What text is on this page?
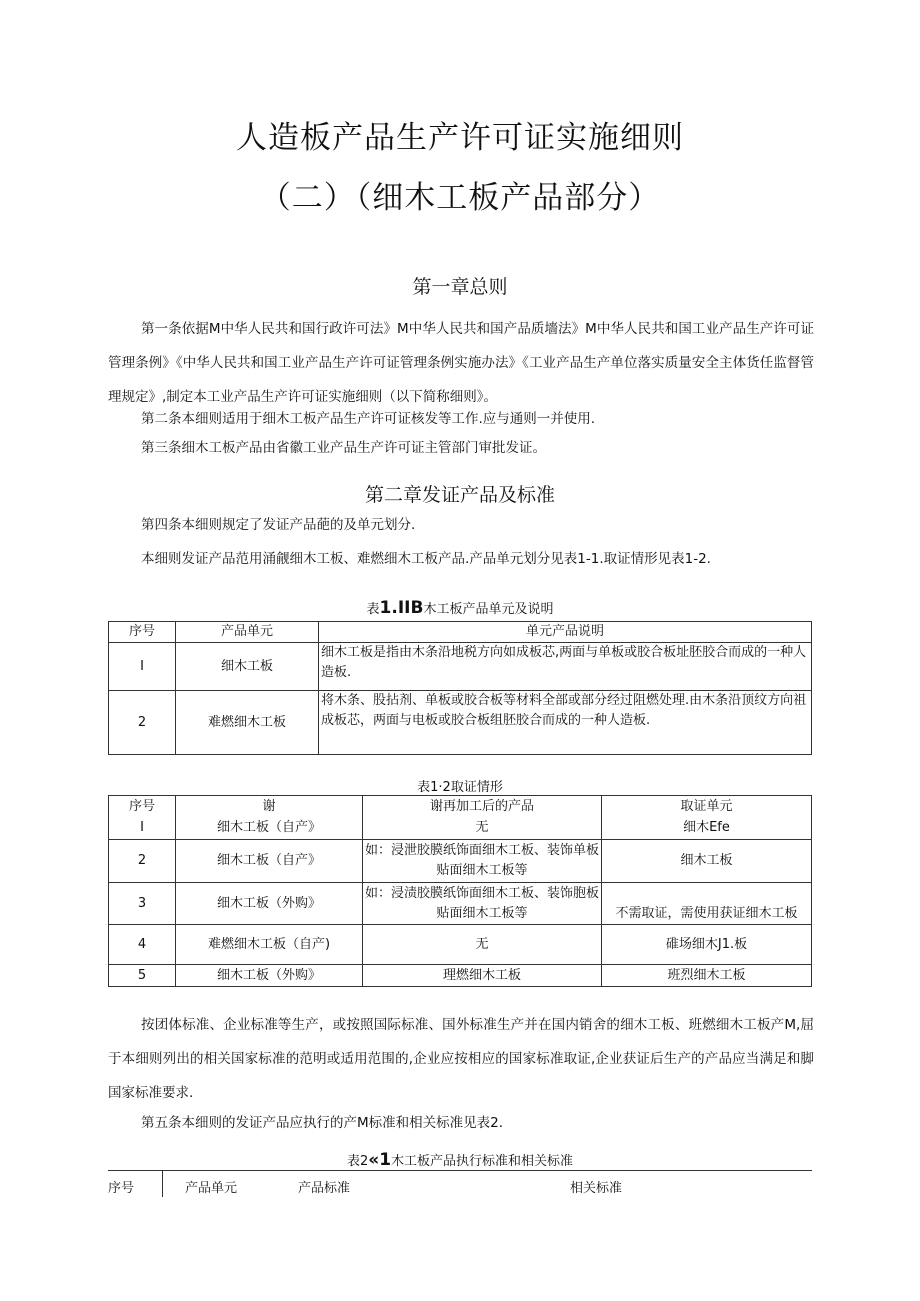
人造板产品生产许可证实施细则
（二）（细木工板产品部分）
第一章总则
第一条依据M中华人民共和国行政许可法》M中华人民共和国产品质墻法》M中华人民共和国工业产品生产许可证管理条例》《中华人民共和国工业产品生产许可证管理条例实施办法》《工业产品生产单位落实质量安全主体货任监督管理规定》,制定本工业产品生产许可证实施细则（以下简称细则》。
第二条本细则适用于细木工板产品生产许可证核发等工作.应与通则一并使用.
第三条细木工板产品由省徽工业产品生产许可证主管部门审批发证。
第二章发证产品及标准
第四条本细则规定了发证产品葩的及单元划分.
本细则发证产品范用涌觎细木工板、难燃细木工板产品.产品单元划分见表1-1.取证情形见表1-2.
表1.IIB木工板产品单元及说明
序号	产品单元	单元产品说明
I	细木工板	细木工板是指由木条沿地税方向如成板芯,两面与单板或胶合板址胚胶合而成的一种人造板.
2	难燃细木工板	将木条、股拈剂、单板或胶合板等材料全部或部分经过阻燃处理.由木条沿顶纹方向祖成板芯，两面与电板或胶合板组胚胶合而成的一种人造板.
表1·2取证情形
序号	谢	谢再加工后的产品	取证单元
I	细木工板（自产》	无	细木Efe
2	细木工板（自产》	如：浸泄胶膜纸饰面细木工板、装饰单板贴面细木工板等	细木工板
3	细木工板（外购》	如：浸渍胶膜纸饰面细木工板、装饰胞板贴面细木工板等	不需取证，需使用获证细木工板
4	难燃细木工板（自产)	无	碓场细木J1.板
5	细木工板（外购》	理燃细木工板	班烈细木工板
按团体标准、企业标准等生产，或按照国际标准、国外标准生产并在国内销舍的细木工板、班燃细木工板产M,屈于本细则列出的相关国家标准的范明或适用范围的,企业应按相应的国家标准取证,企业获证后生产的产品应当满足和脚国家标准要求.
第五条本细则的发证产品应执行的产M标准和相关标准见表2.
表2«1木工板产品执行标准和相关标准
序号	产品单元	产品标准	相关标准
